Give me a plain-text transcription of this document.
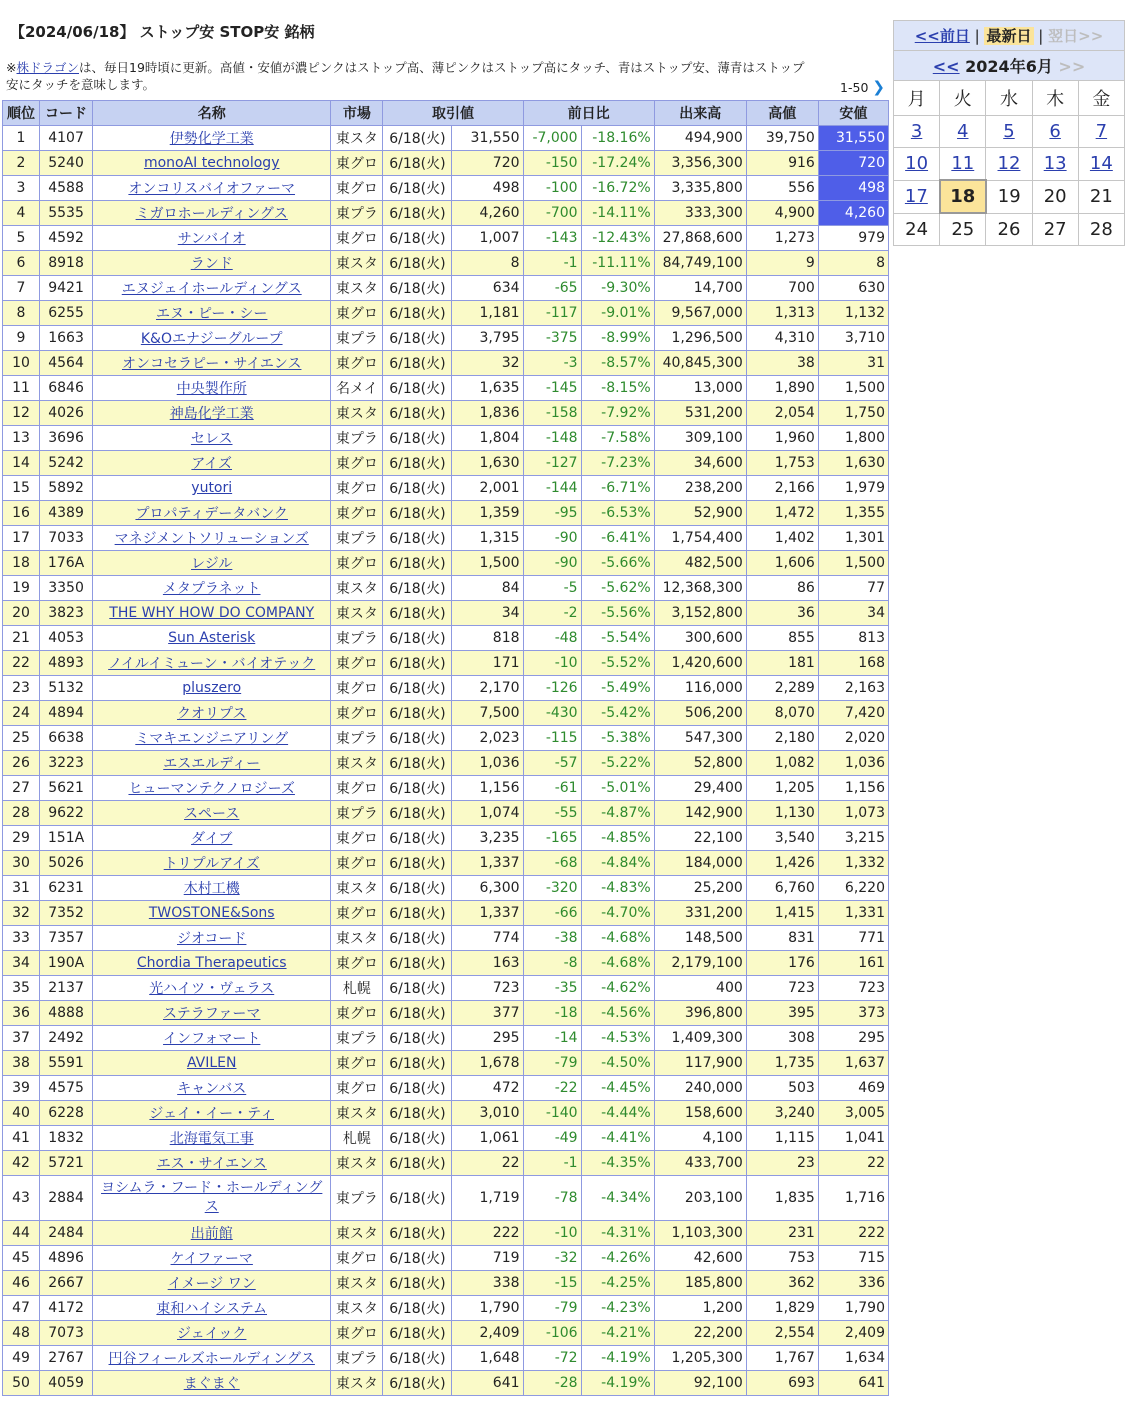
【2024/06/18】 ストップ安 STOP安 銘柄
※株ドラゴンは、毎日19時頃に更新。高値・安値が濃ピンクはストップ高、薄ピンクはストップ高にタッチ、青はストップ安、薄青はストップ安にタッチを意味します。	1-50 ❯
順位	コード	名称	市場	取引値		前日比		出来高	高値	安値
1	4107	伊勢化学工業	東スタ	6/18(火)	31,550	-7,000	-18.16%	494,900	39,750	31,550
2	5240	monoAI technology	東グロ	6/18(火)	720	-150	-17.24%	3,356,300	916	720
3	4588	オンコリスバイオファーマ	東グロ	6/18(火)	498	-100	-16.72%	3,335,800	556	498
4	5535	ミガロホールディングス	東プラ	6/18(火)	4,260	-700	-14.11%	333,300	4,900	4,260
5	4592	サンバイオ	東グロ	6/18(火)	1,007	-143	-12.43%	27,868,600	1,273	979
6	8918	ランド	東スタ	6/18(火)	8	-1	-11.11%	84,749,100	9	8
7	9421	エヌジェイホールディングス	東スタ	6/18(火)	634	-65	-9.30%	14,700	700	630
8	6255	エヌ・ピー・シー	東グロ	6/18(火)	1,181	-117	-9.01%	9,567,000	1,313	1,132
9	1663	K&Oエナジーグループ	東プラ	6/18(火)	3,795	-375	-8.99%	1,296,500	4,310	3,710
10	4564	オンコセラピー・サイエンス	東グロ	6/18(火)	32	-3	-8.57%	40,845,300	38	31
11	6846	中央製作所	名メイ	6/18(火)	1,635	-145	-8.15%	13,000	1,890	1,500
12	4026	神島化学工業	東スタ	6/18(火)	1,836	-158	-7.92%	531,200	2,054	1,750
13	3696	セレス	東プラ	6/18(火)	1,804	-148	-7.58%	309,100	1,960	1,800
14	5242	アイズ	東グロ	6/18(火)	1,630	-127	-7.23%	34,600	1,753	1,630
15	5892	yutori	東グロ	6/18(火)	2,001	-144	-6.71%	238,200	2,166	1,979
16	4389	プロパティデータバンク	東グロ	6/18(火)	1,359	-95	-6.53%	52,900	1,472	1,355
17	7033	マネジメントソリューションズ	東プラ	6/18(火)	1,315	-90	-6.41%	1,754,400	1,402	1,301
18	176A	レジル	東グロ	6/18(火)	1,500	-90	-5.66%	482,500	1,606	1,500
19	3350	メタプラネット	東スタ	6/18(火)	84	-5	-5.62%	12,368,300	86	77
20	3823	THE WHY HOW DO COMPANY	東スタ	6/18(火)	34	-2	-5.56%	3,152,800	36	34
21	4053	Sun Asterisk	東プラ	6/18(火)	818	-48	-5.54%	300,600	855	813
22	4893	ノイルイミューン・バイオテック	東グロ	6/18(火)	171	-10	-5.52%	1,420,600	181	168
23	5132	pluszero	東グロ	6/18(火)	2,170	-126	-5.49%	116,000	2,289	2,163
24	4894	クオリプス	東グロ	6/18(火)	7,500	-430	-5.42%	506,200	8,070	7,420
25	6638	ミマキエンジニアリング	東プラ	6/18(火)	2,023	-115	-5.38%	547,300	2,180	2,020
26	3223	エスエルディー	東スタ	6/18(火)	1,036	-57	-5.22%	52,800	1,082	1,036
27	5621	ヒューマンテクノロジーズ	東グロ	6/18(火)	1,156	-61	-5.01%	29,400	1,205	1,156
28	9622	スペース	東プラ	6/18(火)	1,074	-55	-4.87%	142,900	1,130	1,073
29	151A	ダイブ	東グロ	6/18(火)	3,235	-165	-4.85%	22,100	3,540	3,215
30	5026	トリプルアイズ	東グロ	6/18(火)	1,337	-68	-4.84%	184,000	1,426	1,332
31	6231	木村工機	東スタ	6/18(火)	6,300	-320	-4.83%	25,200	6,760	6,220
32	7352	TWOSTONE&Sons	東グロ	6/18(火)	1,337	-66	-4.70%	331,200	1,415	1,331
33	7357	ジオコード	東スタ	6/18(火)	774	-38	-4.68%	148,500	831	771
34	190A	Chordia Therapeutics	東グロ	6/18(火)	163	-8	-4.68%	2,179,100	176	161
35	2137	光ハイツ・ヴェラス	札幌	6/18(火)	723	-35	-4.62%	400	723	723
36	4888	ステラファーマ	東グロ	6/18(火)	377	-18	-4.56%	396,800	395	373
37	2492	インフォマート	東プラ	6/18(火)	295	-14	-4.53%	1,409,300	308	295
38	5591	AVILEN	東グロ	6/18(火)	1,678	-79	-4.50%	117,900	1,735	1,637
39	4575	キャンバス	東グロ	6/18(火)	472	-22	-4.45%	240,000	503	469
40	6228	ジェイ・イー・ティ	東スタ	6/18(火)	3,010	-140	-4.44%	158,600	3,240	3,005
41	1832	北海電気工事	札幌	6/18(火)	1,061	-49	-4.41%	4,100	1,115	1,041
42	5721	エス・サイエンス	東スタ	6/18(火)	22	-1	-4.35%	433,700	23	22
43	2884	ヨシムラ・フード・ホールディングス	東プラ	6/18(火)	1,719	-78	-4.34%	203,100	1,835	1,716
44	2484	出前館	東スタ	6/18(火)	222	-10	-4.31%	1,103,300	231	222
45	4896	ケイファーマ	東グロ	6/18(火)	719	-32	-4.26%	42,600	753	715
46	2667	イメージ ワン	東スタ	6/18(火)	338	-15	-4.25%	185,800	362	336
47	4172	東和ハイシステム	東スタ	6/18(火)	1,790	-79	-4.23%	1,200	1,829	1,790
48	7073	ジェイック	東グロ	6/18(火)	2,409	-106	-4.21%	22,200	2,554	2,409
49	2767	円谷フィールズホールディングス	東プラ	6/18(火)	1,648	-72	-4.19%	1,205,300	1,767	1,634
50	4059	まぐまぐ	東スタ	6/18(火)	641	-28	-4.19%	92,100	693	641
<<前日 | 最新日 | 翌日>>				
<< 2024年6月 >>				
月	火	水	木	金
3	4	5	6	7
10	11	12	13	14
17	18	19	20	21
24	25	26	27	28
